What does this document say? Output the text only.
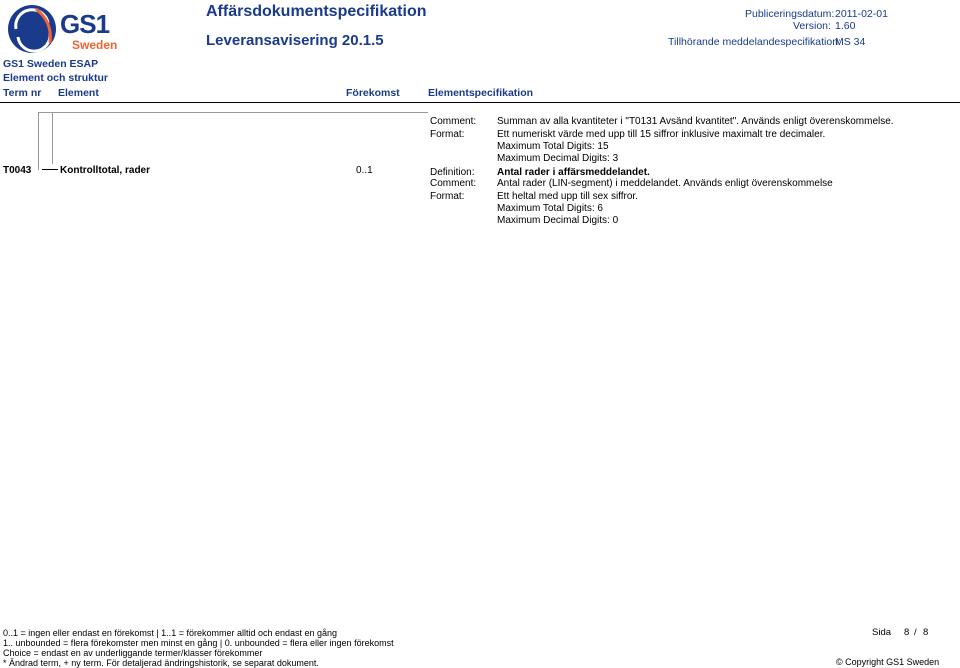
GS1
Sweden
Affärsdokumentspecifikation
Leveransavisering 20.1.5
Publiceringsdatum: 2011-02-01
Version: 1.60
Tillhörande meddelandespecifikation:
MS 34
GS1 Sweden ESAP
Element och struktur
Term nr Element	Förekomst	Elementspecifikation
Comment: Summan av alla kvantiteter i "T0131 Avsänd kvantitet". Används enligt överenskommelse.
Format:	Ett numeriskt värde med upp till 15 siffror inklusive maximalt tre decimaler.
Maximum Total Digits: 15
Maximum Decimal Digits: 3
T0043	Kontrolltotal, rader	0..1	Definition: Antal rader i affärsmeddelandet.
Comment: Antal rader (LIN-segment) i meddelandet. Används enligt överenskommelse
Format:	Ett heltal med upp till sex siffror.
Maximum Total Digits: 6
Maximum Decimal Digits: 0
0..1 = ingen eller endast en förekomst | 1..1 = förekommer alltid och endast en gång
1.. unbounded = flera förekomster men minst en gång | 0. unbounded = flera eller ingen förekomst
Choice = endast en av underliggande termer/klasser förekommer
* Ändrad term, + ny term. För detaljerad ändringshistorik, se separat dokument.
Sida 8 / 8
© Copyright GS1 Sweden
